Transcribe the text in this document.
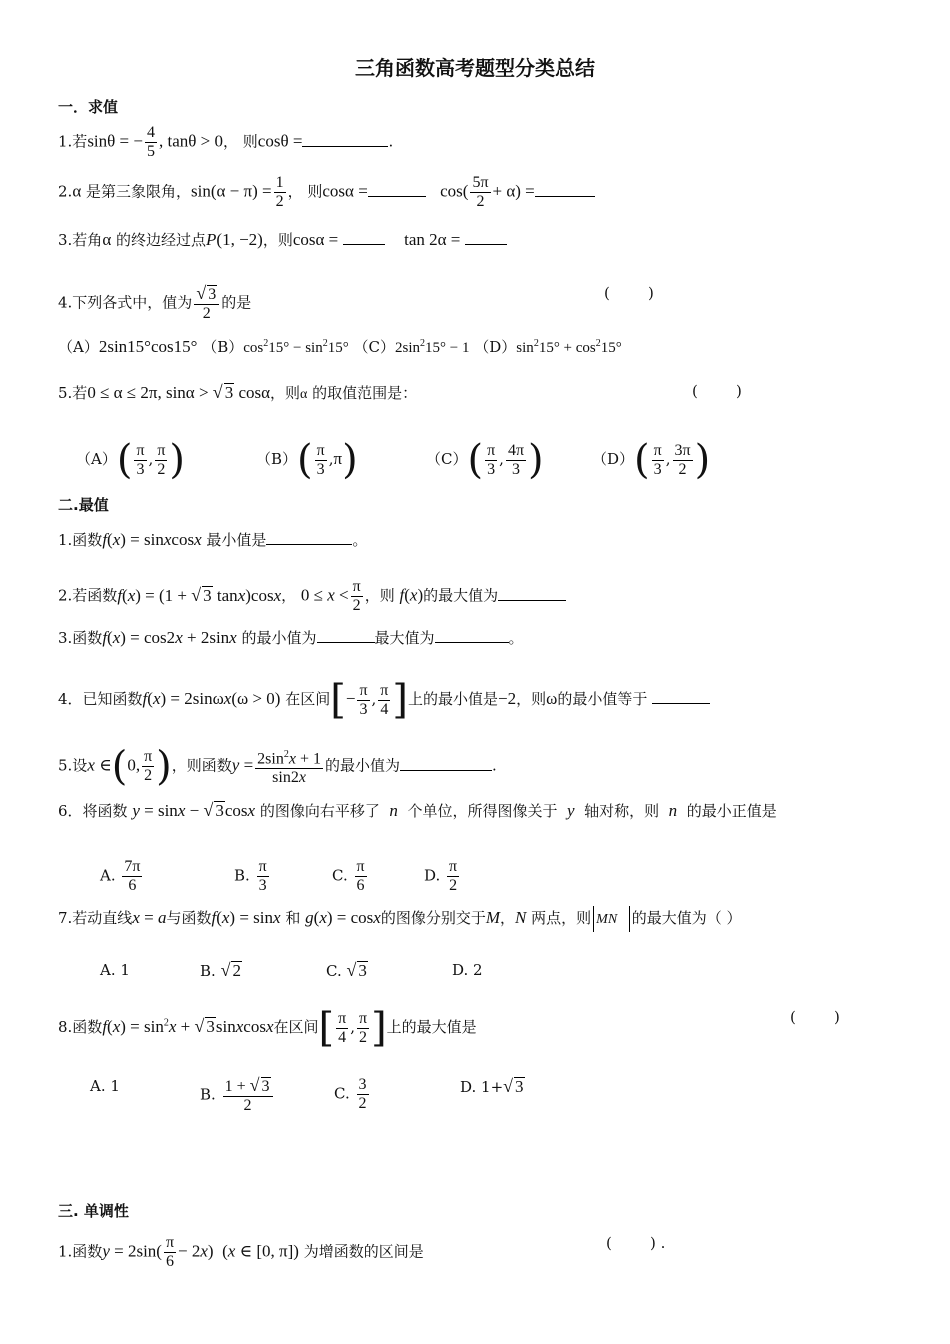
三角函数高考题型分类总结
一．求值
1.若sinθ = − $\frac{4}{5}$ , tanθ > 0， 则cosθ =	.
2.α 是第三象限角，$\sin(\alpha - \pi) = \frac{1}{2}$ ， 则cosα =	$\cos( \frac{5\pi}{2} + \alpha)$ =
3.若角α 的终边经过点P(1, −2)，则cosα =	tan 2α =
4.下列各式中，值为 $\frac{√ 3}{2}$ 的是
(        )
（A）2sin15°cos15° $(B)\cos^215^\circ - \sin^215^\circ$ $(C)2\sin^215^\circ - 1$ $(D)\sin^215^\circ + \cos^215^\circ$
5.若0 ≤ α ≤ 2π, sinα > √ 3 cosα，则α 的取值范围是：	(        )
$(A)( \frac{\pi}{3}$ , $\frac{\pi}{2}$ )	$(B)( \frac{\pi}{3} ,\pi)$	$(C)( \frac{\pi}{3}$ , $\frac{4\pi}{3}$ )	$(D)( \frac{\pi}{3}$ , $\frac{3\pi}{2}$ )
二.最值
1.函数f(x) = sinxcosx 最小值是	。
2.若函数f(x) = (1 + √ 3 tanx)cosx， $0 \le x < \frac{\pi}{2}$ ，则 f(x)的最大值为
3.函数f(x) = cos2x + 2sinx 的最小值为	最大值为	。
4．已知函数f(x) = 2sinωx(ω > 0) 在区间[− $\frac{\pi}{3}$ , $\frac{\pi}{4}$ ]上的最小值是−2，则ω的最小值等于
5.设x ∈(0, $\frac{\pi}{2}$ )，则函数$y = \frac{2\sin^2x + 1}{\sin 2x}$ 的最小值为	.
6．将函数 y = sinx − √ 3cosx 的图像向右平移了 n 个单位，所得图像关于 y 轴对称，则 n 的最小正值是
A. $\frac{7\pi}{6}$	B. $\frac{\pi}{3}$	C. $\frac{\pi}{6}$	D. $\frac{\pi}{2}$
7.若动直线x = a与函数f(x) = sinx 和 g(x) = cosx的图像分别交于M，N 两点，则 MN 的最大值为（ ）
A. 1	B. √ 2	C. √ 3	D. 2
8.函数$f(x) = \sin^2x$ + √ 3sinxcosx在区间[ $\frac{\pi}{4}$ , $\frac{\pi}{2}$ ]上的最大值是
(        )
A. 1	B. $\frac{1 + √ 3}{2}$	C. $\frac{3}{2}$	D. 1+√ 3
三. 单调性
1.函数$y = 2\sin( \frac{\pi}{6} - 2x)$  (x ∈ [0, π]) 为增函数的区间是	(        ) .
